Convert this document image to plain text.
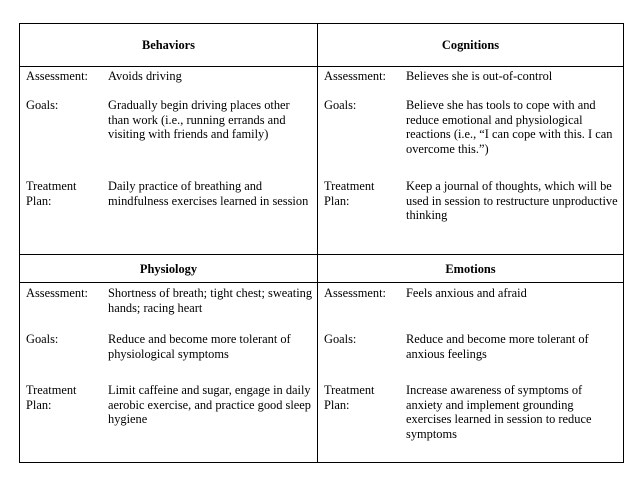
Behaviors
Assessment:	Avoids driving
Goals:	Gradually begin driving places other than work (i.e., running errands and visiting with friends and family)
Treatment Plan:
Daily practice of breathing and mindfulness exercises learned in session
Cognitions
Assessment:	Believes she is out-of-control
Goals:	Believe she has tools to cope with and reduce emotional and physiological reactions (i.e., “I can cope with this. I can overcome this.”)
Treatment Plan:
Keep a journal of thoughts, which will be used in session to restructure unproductive thinking
Physiology
Assessment:	Shortness of breath; tight chest; sweating hands; racing heart
Goals:	Reduce and become more tolerant of physiological symptoms
Treatment Plan:
Limit caffeine and sugar, engage in daily aerobic exercise, and practice good sleep hygiene
Emotions
Assessment:	Feels anxious and afraid
Goals:	Reduce and become more tolerant of anxious feelings
Treatment Plan:
Increase awareness of symptoms of anxiety and implement grounding exercises learned in session to reduce symptoms
